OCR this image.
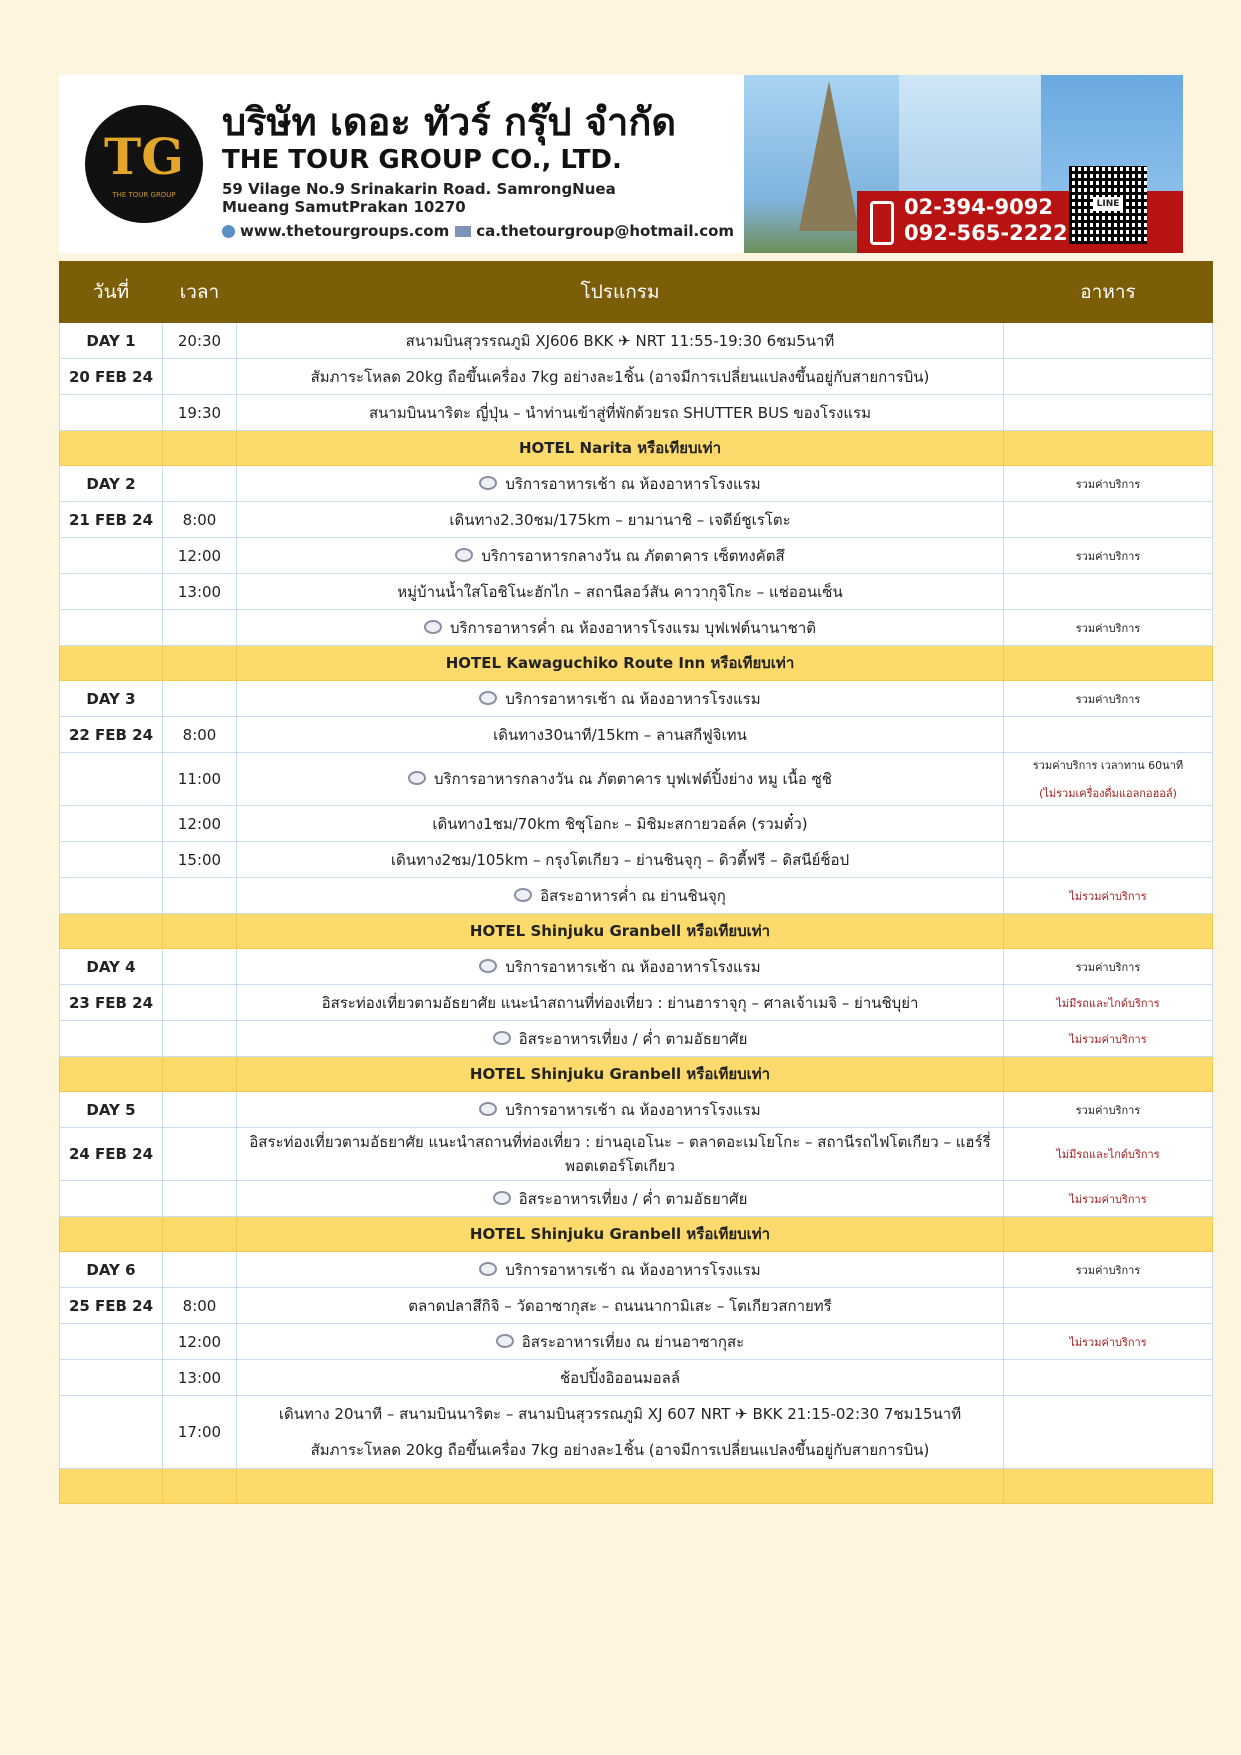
TG
THE TOUR GROUP
บริษัท เดอะ ทัวร์ กรุ๊ป จำกัด
THE TOUR GROUP CO., LTD.
59 Vilage No.9 Srinakarin Road. SamrongNuea
Mueang SamutPrakan 10270
www.thetourgroups.com ca.thetourgroup@hotmail.com
02-394-9092
092-565-2222
LINE
วันที่	เวลา	โปรแกรม	อาหาร
DAY 1	20:30	สนามบินสุวรรณภูมิ XJ606 BKK ✈ NRT 11:55-19:30 6ชม5นาที	
20 FEB 24		สัมภาระโหลด 20kg ถือขึ้นเครื่อง 7kg อย่างละ1ชิ้น (อาจมีการเปลี่ยนแปลงขึ้นอยู่กับสายการบิน)	
	19:30	สนามบินนาริตะ ญี่ปุ่น – นำท่านเข้าสู่ที่พักด้วยรถ SHUTTER BUS ของโรงแรม	
		HOTEL Narita หรือเทียบเท่า	
DAY 2		บริการอาหารเช้า ณ ห้องอาหารโรงแรม	รวมค่าบริการ
21 FEB 24	8:00	เดินทาง2.30ชม/175km – ยามานาชิ – เจดีย์ชูเรโตะ	
	12:00	บริการอาหารกลางวัน ณ ภัตตาคาร เซ็ตทงคัตสึ	รวมค่าบริการ
	13:00	หมู่บ้านน้ำใสโอชิโนะฮักไก – สถานีลอว์สัน คาวากุจิโกะ – แช่ออนเซ็น	
		บริการอาหารค่ำ ณ ห้องอาหารโรงแรม บุฟเฟต์นานาชาติ	รวมค่าบริการ
		HOTEL Kawaguchiko Route Inn หรือเทียบเท่า	
DAY 3		บริการอาหารเช้า ณ ห้องอาหารโรงแรม	รวมค่าบริการ
22 FEB 24	8:00	เดินทาง30นาที/15km – ลานสกีฟูจิเทน	
	11:00	บริการอาหารกลางวัน ณ ภัตตาคาร บุฟเฟต์ปิ้งย่าง หมู เนื้อ ซูชิ	รวมค่าบริการ เวลาทาน 60นาที
(ไม่รวมเครื่องดื่มแอลกอฮอล์)

	12:00	เดินทาง1ชม/70km ชิซุโอกะ – มิชิมะสกายวอล์ค (รวมตั๋ว)	
	15:00	เดินทาง2ชม/105km – กรุงโตเกียว – ย่านชินจุกุ – ดิวตี้ฟรี – ดิสนีย์ช็อป	
		อิสระอาหารค่ำ ณ ย่านชินจุกุ	ไม่รวมค่าบริการ
		HOTEL Shinjuku Granbell หรือเทียบเท่า	
DAY 4		บริการอาหารเช้า ณ ห้องอาหารโรงแรม	รวมค่าบริการ
23 FEB 24		อิสระท่องเที่ยวตามอัธยาศัย แนะนำสถานที่ท่องเที่ยว : ย่านฮาราจุกุ – ศาลเจ้าเมจิ – ย่านชิบุย่า	ไม่มีรถและไกด์บริการ
		อิสระอาหารเที่ยง / ค่ำ ตามอัธยาศัย	ไม่รวมค่าบริการ
		HOTEL Shinjuku Granbell หรือเทียบเท่า	
DAY 5		บริการอาหารเช้า ณ ห้องอาหารโรงแรม	รวมค่าบริการ
24 FEB 24		อิสระท่องเที่ยวตามอัธยาศัย แนะนำสถานที่ท่องเที่ยว : ย่านอุเอโนะ – ตลาดอะเมโยโกะ – สถานีรถไฟโตเกียว – แฮร์รี่พอตเตอร์โตเกียว	ไม่มีรถและไกด์บริการ
		อิสระอาหารเที่ยง / ค่ำ ตามอัธยาศัย	ไม่รวมค่าบริการ
		HOTEL Shinjuku Granbell หรือเทียบเท่า	
DAY 6		บริการอาหารเช้า ณ ห้องอาหารโรงแรม	รวมค่าบริการ
25 FEB 24	8:00	ตลาดปลาสึกิจิ – วัดอาซากุสะ – ถนนนากามิเสะ – โตเกียวสกายทรี	
	12:00	อิสระอาหารเที่ยง ณ ย่านอาซากุสะ	ไม่รวมค่าบริการ
	13:00	ช้อปปิ้งอิออนมอลล์	
	17:00	เดินทาง 20นาที – สนามบินนาริตะ – สนามบินสุวรรณภูมิ XJ 607 NRT ✈ BKK 21:15-02:30 7ชม15นาที
สัมภาระโหลด 20kg ถือขึ้นเครื่อง 7kg อย่างละ1ชิ้น (อาจมีการเปลี่ยนแปลงขึ้นอยู่กับสายการบิน)	
